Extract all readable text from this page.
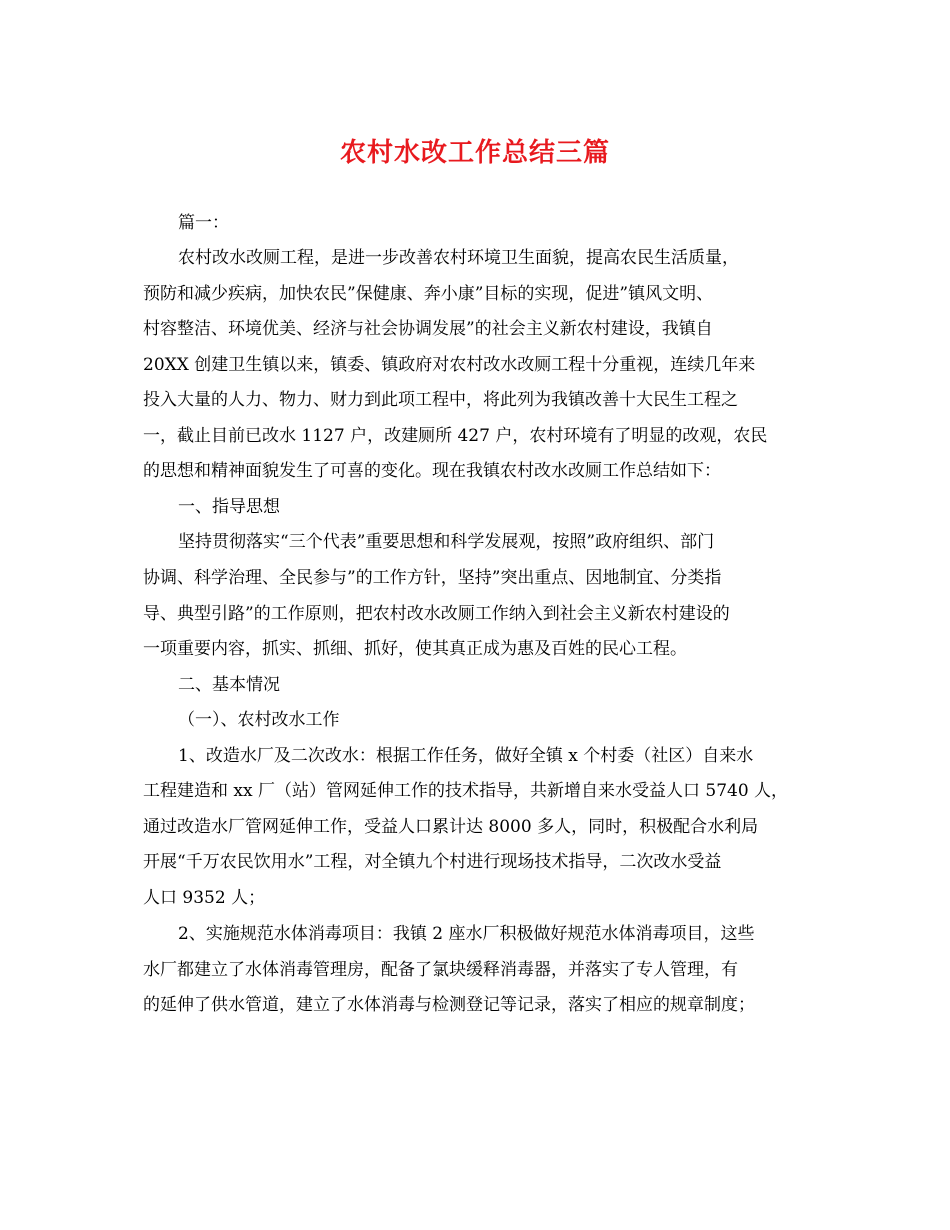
农村水改工作总结三篇
篇一：
农村改水改厕工程，是进一步改善农村环境卫生面貌，提高农民生活质量，
预防和减少疾病，加快农民”保健康、奔小康”目标的实现，促进”镇风文明、
村容整洁、环境优美、经济与社会协调发展”的社会主义新农村建设，我镇自
20XX 创建卫生镇以来，镇委、镇政府对农村改水改厕工程十分重视，连续几年来
投入大量的人力、物力、财力到此项工程中，将此列为我镇改善十大民生工程之
一，截止目前已改水 1127 户，改建厕所 427 户，农村环境有了明显的改观，农民
的思想和精神面貌发生了可喜的变化。现在我镇农村改水改厕工作总结如下：
一、指导思想
坚持贯彻落实“三个代表”重要思想和科学发展观，按照”政府组织、部门
协调、科学治理、全民参与”的工作方针，坚持”突出重点、因地制宜、分类指
导、典型引路”的工作原则，把农村改水改厕工作纳入到社会主义新农村建设的
一项重要内容，抓实、抓细、抓好，使其真正成为惠及百姓的民心工程。
二、基本情况
（一）、农村改水工作
1、改造水厂及二次改水：根据工作任务，做好全镇 x 个村委（社区）自来水
工程建造和 xx 厂（站）管网延伸工作的技术指导，共新增自来水受益人口 5740 人，
通过改造水厂管网延伸工作，受益人口累计达 8000 多人，同时，积极配合水利局
开展“千万农民饮用水”工程，对全镇九个村进行现场技术指导，二次改水受益
人口 9352 人；
2、实施规范水体消毒项目：我镇 2 座水厂积极做好规范水体消毒项目，这些
水厂都建立了水体消毒管理房，配备了氯块缓释消毒器，并落实了专人管理，有
的延伸了供水管道，建立了水体消毒与检测登记等记录，落实了相应的规章制度；
